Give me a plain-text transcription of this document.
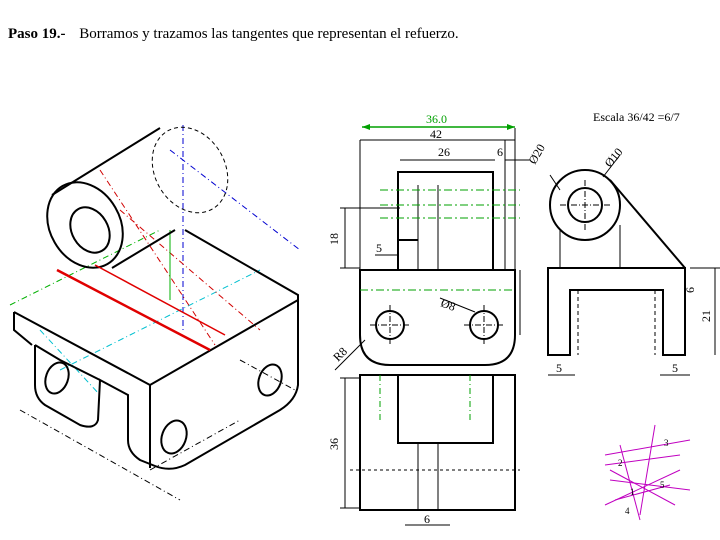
Paso 19.- Borramos y trazamos las tangentes que representan el refuerzo.
Escala 36/42 =6/7
36.0
42
26	6
18
5
Ø8
R8
Ø20	Ø10
6
21
5	5
36
6
3
2
5
1
4
